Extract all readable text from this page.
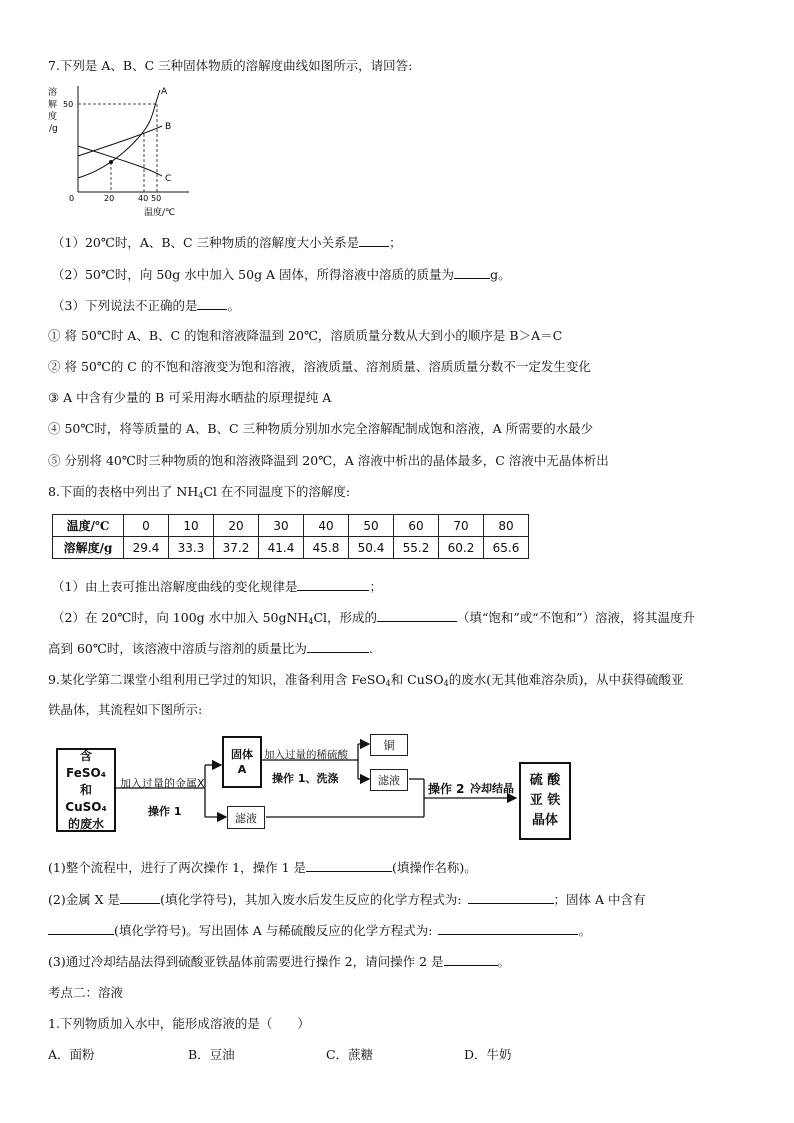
7.下列是 A、B、C 三种固体物质的溶解度曲线如图所示，请回答:
溶
解
度
/g
50
0	20	40 50
A
B
C
温度/℃
（1）20℃时，A、B、C 三种物质的溶解度大小关系是 ；
（2）50℃时，向 50g 水中加入 50g A 固体，所得溶液中溶质的质量为	g。
（3）下列说法不正确的是 。
① 将 50℃时 A、B、C 的饱和溶液降温到 20℃，溶质质量分数从大到小的顺序是 B＞A＝C
② 将 50℃的 C 的不饱和溶液变为饱和溶液，溶液质量、溶剂质量、溶质质量分数不一定发生变化
③ A 中含有少量的 B 可采用海水晒盐的原理提纯 A
④ 50℃时，将等质量的 A、B、C 三种物质分别加水完全溶解配制成饱和溶液，A 所需要的水最少
⑤ 分别将 40℃时三种物质的饱和溶液降温到 20℃，A 溶液中析出的晶体最多，C 溶液中无晶体析出
8.下面的表格中列出了 $NH_4Cl$ 在不同温度下的溶解度:
温度/℃	0	10	20	30	40	50	60	70	80
溶解度/g	29.4	33.3	37.2	41.4	45.8	50.4	55.2	60.2	65.6
（1）由上表可推出溶解度曲线的变化规律是	；
（2）在 20℃时，向 100g 水中加入 50gNH$_4$Cl，形成的	（填“饱和”或“不饱和”）溶液，将其温度升
高到 60℃时，该溶液中溶质与溶剂的质量比为	.
9.某化学第二课堂小组利用已学过的知识，准备利用含 FeSO$_4$和 CuSO$_4$的废水(无其他难溶杂质)，从中获得硫酸亚
铁晶体，其流程如下图所示:
含 FeSO₄
和 CuSO₄
的废水
加入过量的金属X
操作 1
固体
A
加入过量的稀硫酸
操作 1、洗涤
铜
滤液
滤液
操作 2 冷却结晶
硫 酸
亚 铁
晶体
(1)整个流程中，进行了两次操作 1，操作 1 是	(填操作名称)。
(2)金属 X 是	(填化学符号)，其加入废水后发生反应的化学方程式为:	；固体 A 中含有
(填化学符号)。写出固体 A 与稀硫酸反应的化学方程式为:	。
(3)通过冷却结晶法得到硫酸亚铁晶体前需要进行操作 2，请问操作 2 是	。
考点二：溶液
1.下列物质加入水中，能形成溶液的是（　　）
A．面粉	B．豆油	C．蔗糖	D．牛奶
